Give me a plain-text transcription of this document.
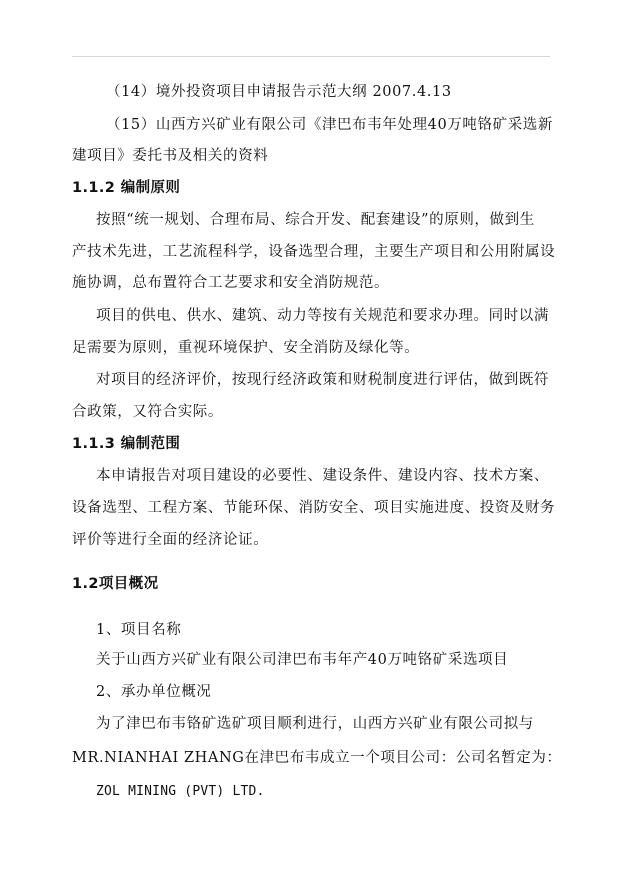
（14）境外投资项目申请报告示范大纲 2007.4.13
（15）山西方兴矿业有限公司《津巴布韦年处理40万吨铬矿采选新
建项目》委托书及相关的资料
1.1.2 编制原则
按照“统一规划、合理布局、综合开发、配套建设”的原则，做到生
产技术先进，工艺流程科学，设备选型合理，主要生产项目和公用附属设
施协调，总布置符合工艺要求和安全消防规范。
项目的供电、供水、建筑、动力等按有关规范和要求办理。同时以满
足需要为原则，重视环境保护、安全消防及绿化等。
对项目的经济评价，按现行经济政策和财税制度进行评估，做到既符
合政策，又符合实际。
1.1.3 编制范围
本申请报告对项目建设的必要性、建设条件、建设内容、技术方案、
设备选型、工程方案、节能环保、消防安全、项目实施进度、投资及财务
评价等进行全面的经济论证。
1.2项目概况
1、项目名称
关于山西方兴矿业有限公司津巴布韦年产40万吨铬矿采选项目
2、承办单位概况
为了津巴布韦铬矿选矿项目顺利进行，山西方兴矿业有限公司拟与
MR.NIANHAI ZHANG在津巴布韦成立一个项目公司：公司名暂定为：
ZOL MINING (PVT) LTD.
